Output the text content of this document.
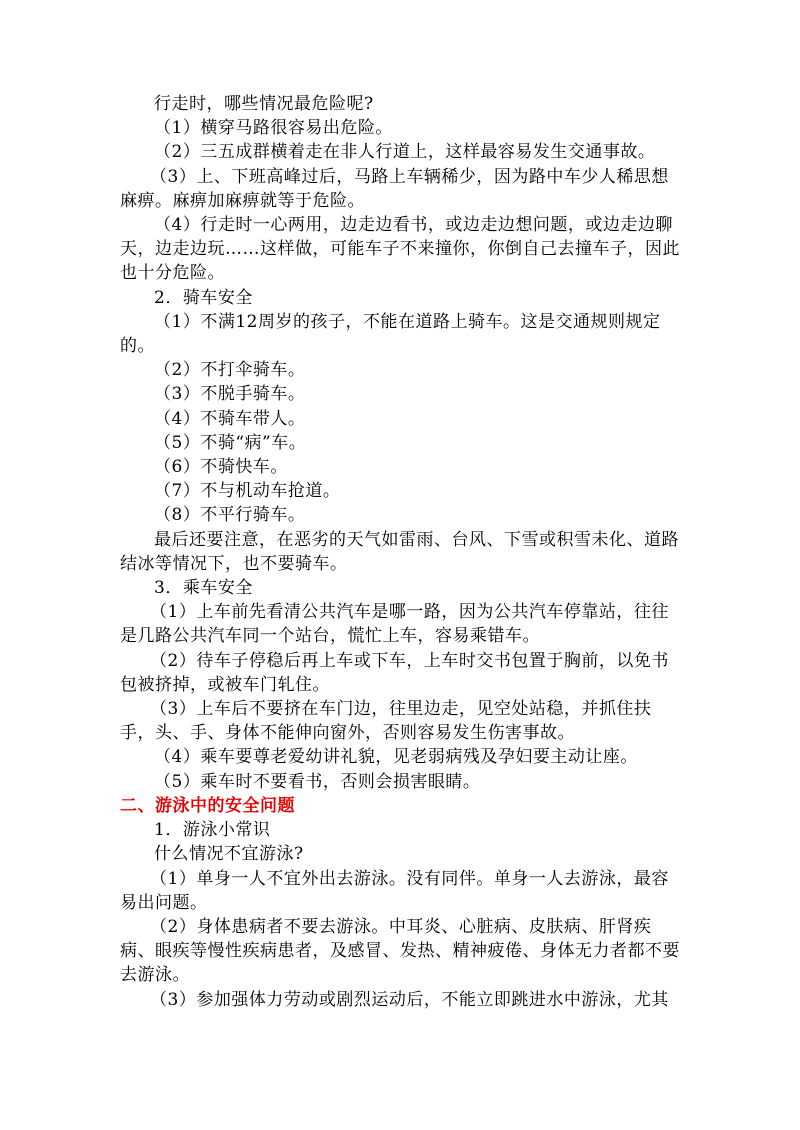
行走时，哪些情况最危险呢?

（1）横穿马路很容易出危险。

（2）三五成群横着走在非人行道上，这样最容易发生交通事故。

（3）上、下班高峰过后，马路上车辆稀少，因为路中车少人稀思想麻痹。麻痹加麻痹就等于危险。

（4）行走时一心两用，边走边看书，或边走边想问题，或边走边聊天，边走边玩……这样做，可能车子不来撞你，你倒自己去撞车子，因此也十分危险。

2．骑车安全

（1）不满12周岁的孩子，不能在道路上骑车。这是交通规则规定的。

（2）不打伞骑车。

（3）不脱手骑车。

（4）不骑车带人。

（5）不骑“病”车。

（6）不骑快车。

（7）不与机动车抢道。

（8）不平行骑车。

最后还要注意，在恶劣的天气如雷雨、台风、下雪或积雪未化、道路结冰等情况下，也不要骑车。

3．乘车安全

（1）上车前先看清公共汽车是哪一路，因为公共汽车停靠站，往往是几路公共汽车同一个站台，慌忙上车，容易乘错车。

（2）待车子停稳后再上车或下车，上车时交书包置于胸前，以免书包被挤掉，或被车门轧住。

（3）上车后不要挤在车门边，往里边走，见空处站稳，并抓住扶手，头、手、身体不能伸向窗外，否则容易发生伤害事故。

（4）乘车要尊老爱幼讲礼貌，见老弱病残及孕妇要主动让座。

（5）乘车时不要看书，否则会损害眼睛。

二、游泳中的安全问题

1．游泳小常识

什么情况不宜游泳?

（1）单身一人不宜外出去游泳。没有同伴。单身一人去游泳，最容易出问题。

（2）身体患病者不要去游泳。中耳炎、心脏病、皮肤病、肝肾疾病、眼疾等慢性疾病患者，及感冒、发热、精神疲倦、身体无力者都不要去游泳。

（3）参加强体力劳动或剧烈运动后，不能立即跳进水中游泳，尤其
